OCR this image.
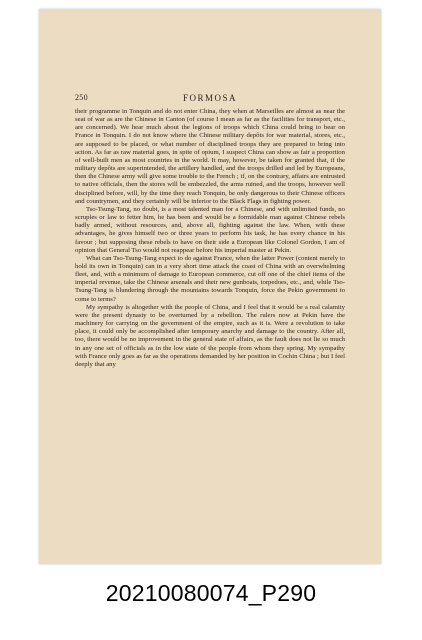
250	FORMOSA

their programme in Tonquin and do not enter China, they when at Marseilles are almost as near the seat of war as are the Chinese in Canton (of course I mean as far as the facilities for transport, etc., are concerned). We hear much about the legions of troops which China could bring to bear on France in Tonquin. I do not know where the Chinese military depôts for war material, stores, etc., are supposed to be placed, or what number of disciplined troops they are prepared to bring into action. As far as raw material goes, in spite of opium, I suspect China can show as fair a proportion of well-built men as most countries in the world. It may, however, be taken for granted that, if the military depôts are superintended, the artillery handled, and the troops drilled and led by Europeans, then the Chinese army will give some trouble to the French ; if, on the contrary, affairs are entrusted to native officials, then the stores will be embezzled, the arms ruined, and the troops, however well disciplined before, will, by the time they reach Tonquin, be only dangerous to their Chinese officers and countrymen, and they certainly will be inferior to the Black Flags in fighting power.

Tso-Tsung-Tang, no doubt, is a most talented man for a Chinese, and with unlimited funds, no scruples or law to fetter him, he has been and would be a formidable man against Chinese rebels badly armed, without resources, and, above all, fighting against the law. When, with these advantages, he gives himself two or three years to perform his task, he has every chance in his favour ; but supposing these rebels to have on their side a European like Colonel Gordon, I am of opinion that General Tso would not reappear before his imperial master at Pekin.

What can Tso-Tsung-Tang expect to do against France, when the latter Power (content merely to hold its own in Tonquin) can in a very short time attack the coast of China with an overwhelming fleet, and, with a minimum of damage to European commerce, cut off one of the chief items of the imperial revenue, take the Chinese arsenals and their new gunboats, torpedoes, etc., and, while Tso-Tsung-Tang is blundering through the mountains towards Tonquin, force the Pekin government to come to terms?

My sympathy is altogether with the people of China, and I feel that it would be a real calamity were the present dynasty to be overturned by a rebellion. The rulers now at Pekin have the machinery for carrying on the government of the empire, such as it is. Were a revolution to take place, it could only be accomplished after temporary anarchy and damage to the country. After all, too, there would be no improvement in the general state of affairs, as the fault does not lie so much in any one set of officials as in the low state of the people from whom they spring. My sympathy with France only goes as far as the operations demanded by her position in Cochin China ; but I feel deeply that any

20210080074_P290
